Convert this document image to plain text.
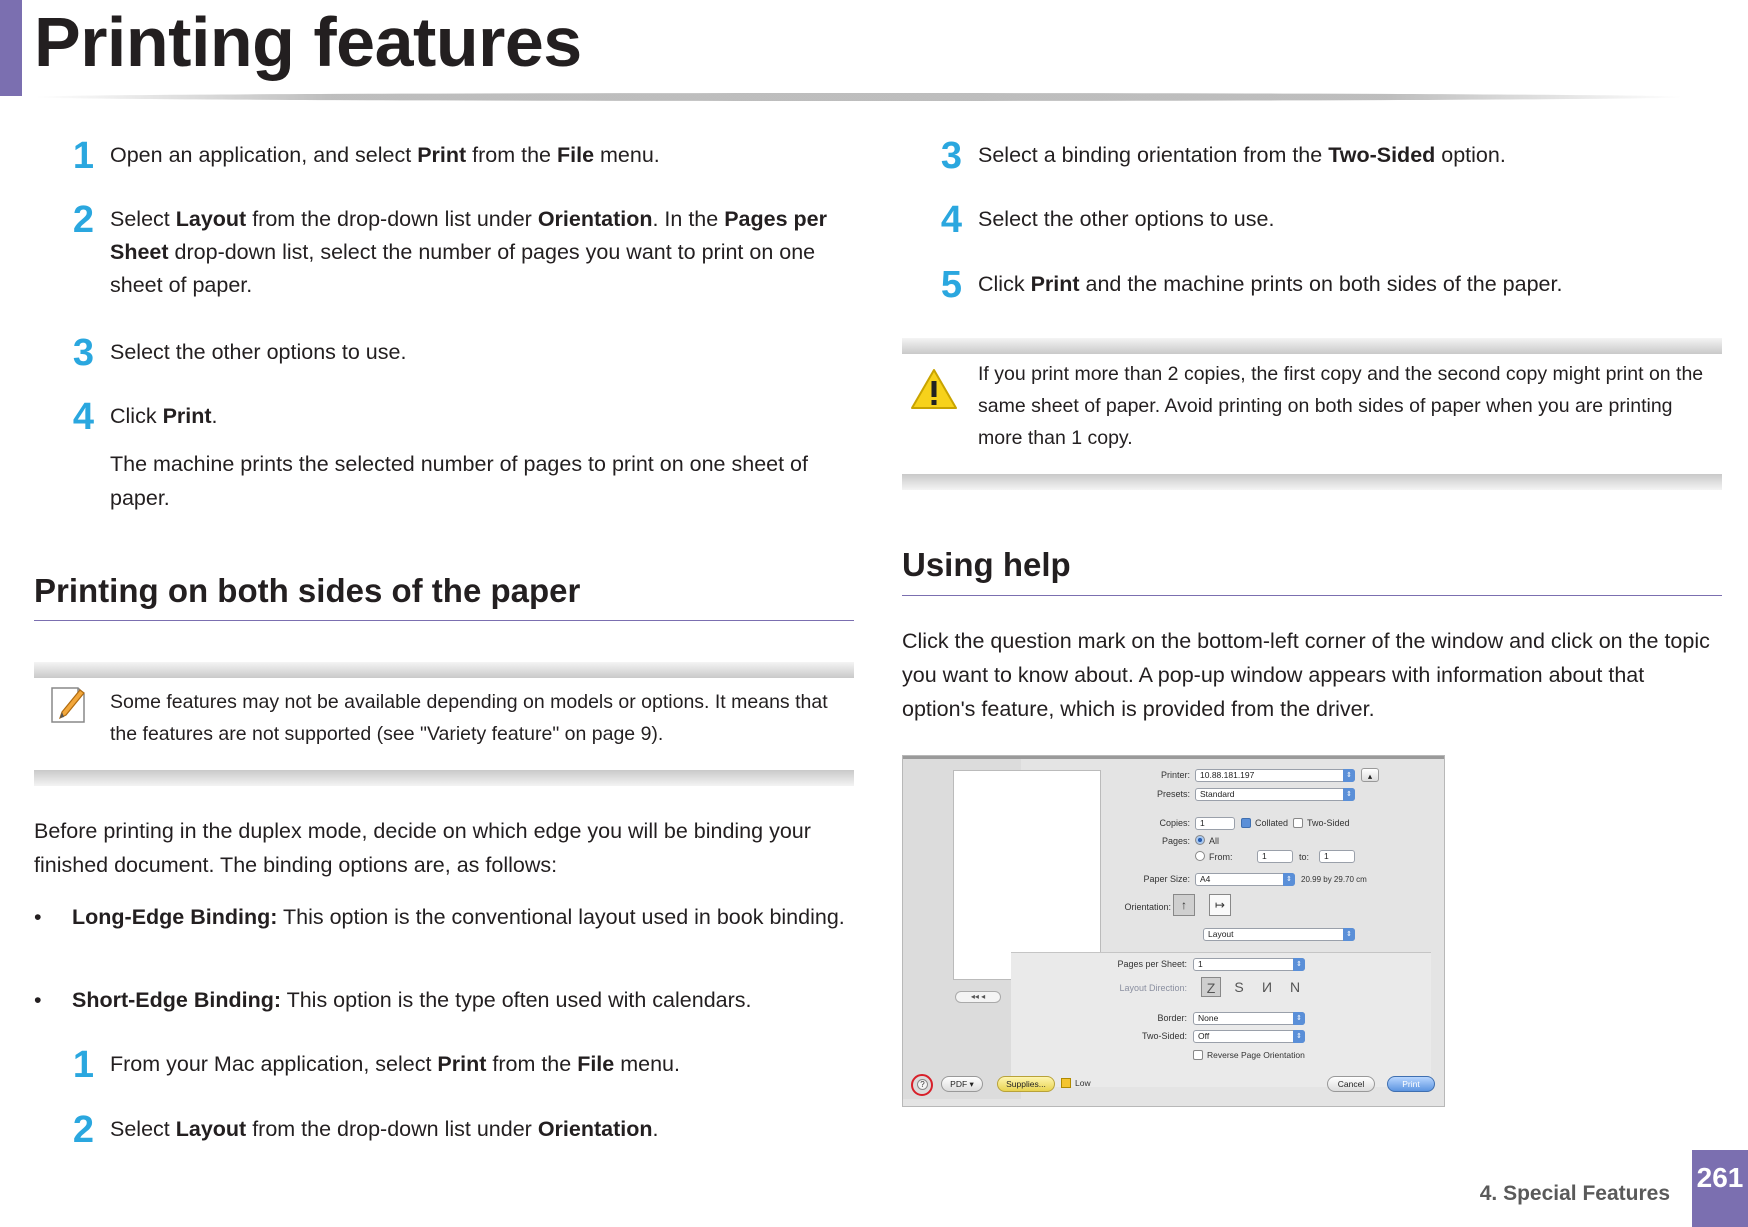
Printing features
1 Open an application, and select Print from the File menu.
2 Select Layout from the drop-down list under Orientation. In the Pages per Sheet drop-down list, select the number of pages you want to print on one sheet of paper.
3 Select the other options to use.
4 Click Print.
The machine prints the selected number of pages to print on one sheet of paper.
Printing on both sides of the paper
Some features may not be available depending on models or options. It means that the features are not supported (see "Variety feature" on page 9).
Before printing in the duplex mode, decide on which edge you will be binding your finished document. The binding options are, as follows:
• Long-Edge Binding: This option is the conventional layout used in book binding.
• Short-Edge Binding: This option is the type often used with calendars.
1 From your Mac application, select Print from the File menu.
2 Select Layout from the drop-down list under Orientation.
3 Select a binding orientation from the Two-Sided option.
4 Select the other options to use.
5 Click Print and the machine prints on both sides of the paper.
If you print more than 2 copies, the first copy and the second copy might print on the same sheet of paper. Avoid printing on both sides of paper when you are printing more than 1 copy.
Using help
Click the question mark on the bottom-left corner of the window and click on the topic you want to know about. A pop-up window appears with information about that option's feature, which is provided from the driver.
◂◂ ◂
Printer:	10.88.181.197	⇕	▴
Presets:	Standard	⇕
Copies:	1	Collated Two-Sided
Pages: All
From:	1	to:	1
Paper Size:	A4	⇕	20.99 by 29.70 cm
Orientation: ↑	↦
Layout	⇕
Pages per Sheet:	1	⇕
Layout Direction:	Z	S	И	N
Border:	None	⇕
Two-Sided:	Off	⇕
Reverse Page Orientation
?	PDF ▾	Supplies...	Low	Cancel	Print
4. Special Features
261
